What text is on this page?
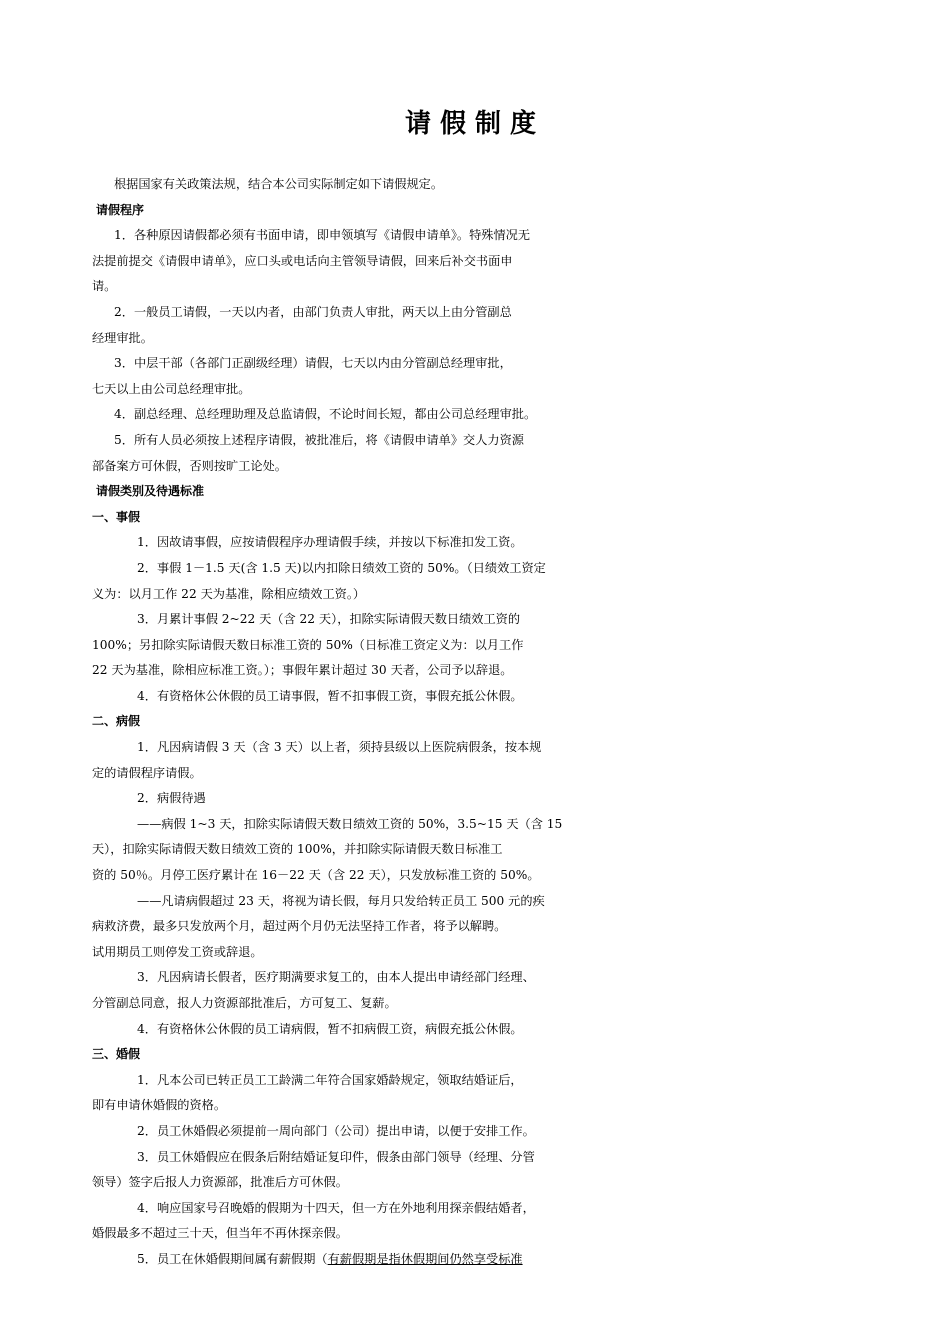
请假制度
根据国家有关政策法规，结合本公司实际制定如下请假规定。
请假程序
1．各种原因请假都必须有书面申请，即申领填写《请假申请单》。特殊情况无
法提前提交《请假申请单》，应口头或电话向主管领导请假，回来后补交书面申
请。
2．一般员工请假，一天以内者，由部门负责人审批，两天以上由分管副总
经理审批。
3．中层干部（各部门正副级经理）请假，七天以内由分管副总经理审批，
七天以上由公司总经理审批。
4．副总经理、总经理助理及总监请假，不论时间长短，都由公司总经理审批。
5．所有人员必须按上述程序请假，被批准后，将《请假申请单》交人力资源
部备案方可休假，否则按旷工论处。
请假类别及待遇标准
一、事假
1．因故请事假，应按请假程序办理请假手续，并按以下标准扣发工资。
2．事假 1－1.5 天(含 1.5 天)以内扣除日绩效工资的 50%。（日绩效工资定
义为：以月工作 22 天为基准，除相应绩效工资。）
3．月累计事假 2~22 天（含 22 天），扣除实际请假天数日绩效工资的
100%；另扣除实际请假天数日标准工资的 50%（日标准工资定义为：以月工作
22 天为基准，除相应标准工资。）；事假年累计超过 30 天者，公司予以辞退。
4．有资格休公休假的员工请事假，暂不扣事假工资，事假充抵公休假。
二、病假
1．凡因病请假 3 天（含 3 天）以上者，须持县级以上医院病假条，按本规
定的请假程序请假。
2．病假待遇
——病假 1~3 天，扣除实际请假天数日绩效工资的 50%，3.5~15 天（含 15
天），扣除实际请假天数日绩效工资的 100%，并扣除实际请假天数日标准工
资的 50％。月停工医疗累计在 16－22 天（含 22 天），只发放标准工资的 50%。
——凡请病假超过 23 天，将视为请长假，每月只发给转正员工 500 元的疾
病救济费，最多只发放两个月，超过两个月仍无法坚持工作者，将予以解聘。
试用期员工则停发工资或辞退。
3．凡因病请长假者，医疗期满要求复工的，由本人提出申请经部门经理、
分管副总同意，报人力资源部批准后，方可复工、复薪。
4．有资格休公休假的员工请病假，暂不扣病假工资，病假充抵公休假。
三、婚假
1．凡本公司已转正员工工龄满二年符合国家婚龄规定，领取结婚证后，
即有申请休婚假的资格。
2．员工休婚假必须提前一周向部门（公司）提出申请，以便于安排工作。
3．员工休婚假应在假条后附结婚证复印件，假条由部门领导（经理、分管
领导）签字后报人力资源部，批准后方可休假。
4．响应国家号召晚婚的假期为十四天，但一方在外地利用探亲假结婚者，
婚假最多不超过三十天，但当年不再休探亲假。
5．员工在休婚假期间属有薪假期（有薪假期是指休假期间仍然享受标准
